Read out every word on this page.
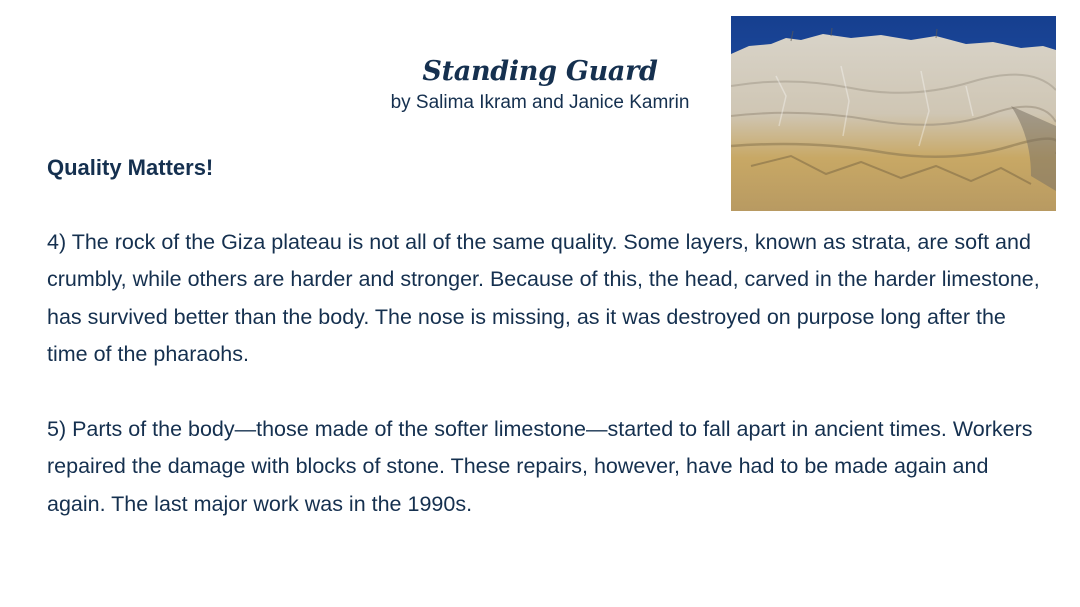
Standing Guard
by Salima Ikram and Janice Kamrin
Quality Matters!

4) The rock of the Giza plateau is not all of the same quality. Some layers, known as strata, are soft and crumbly, while others are harder and stronger. Because of this, the head, carved in the harder limestone, has survived better than the body. The nose is missing, as it was destroyed on purpose long after the time of the pharaohs.

5) Parts of the body—those made of the softer limestone—started to fall apart in ancient times. Workers repaired the damage with blocks of stone. These repairs, however, have had to be made again and again. The last major work was in the 1990s.
